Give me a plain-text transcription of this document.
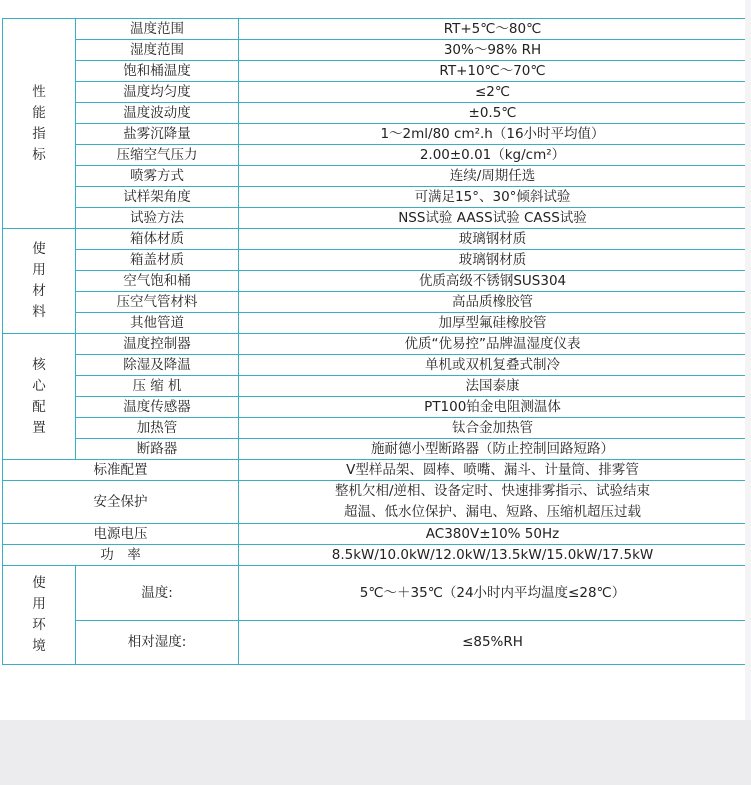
性能指标	温度范围	RT+5℃～80℃
	湿度范围	30%～98% RH
	饱和桶温度	RT+10℃～70℃
	温度均匀度	≤2℃
	温度波动度	±0.5℃
	盐雾沉降量	1～2ml/80 cm².h（16小时平均值）
	压缩空气压力	2.00±0.01（kg/cm²）
	喷雾方式	连续/周期任选
	试样架角度	可满足15°、30°倾斜试验
	试验方法	NSS试验 AASS试验 CASS试验

使用材料	箱体材质	玻璃钢材质
	箱盖材质	玻璃钢材质
	空气饱和桶	优质高级不锈钢SUS304
	压空气管材料	高品质橡胶管
	其他管道	加厚型氟硅橡胶管

核心配置	温度控制器	优质“优易控”品牌温湿度仪表
	除湿及降温	单机或双机复叠式制冷
	压 缩 机	法国泰康
	温度传感器	PT100铂金电阻测温体
	加热管	钛合金加热管
	断路器	施耐德小型断路器（防止控制回路短路）
标准配置		V型样品架、圆棒、喷嘴、漏斗、计量筒、排雾管
安全保护		整机欠相/逆相、设备定时、快速排雾指示、试验结束
超温、低水位保护、漏电、短路、压缩机超压过载

电源电压		AC380V±10% 50Hz
功　率		8.5kW/10.0kW/12.0kW/13.5kW/15.0kW/17.5kW

使用环境	温度:	5℃～＋35℃（24小时内平均温度≤28℃）
	相对湿度:	≤85%RH
